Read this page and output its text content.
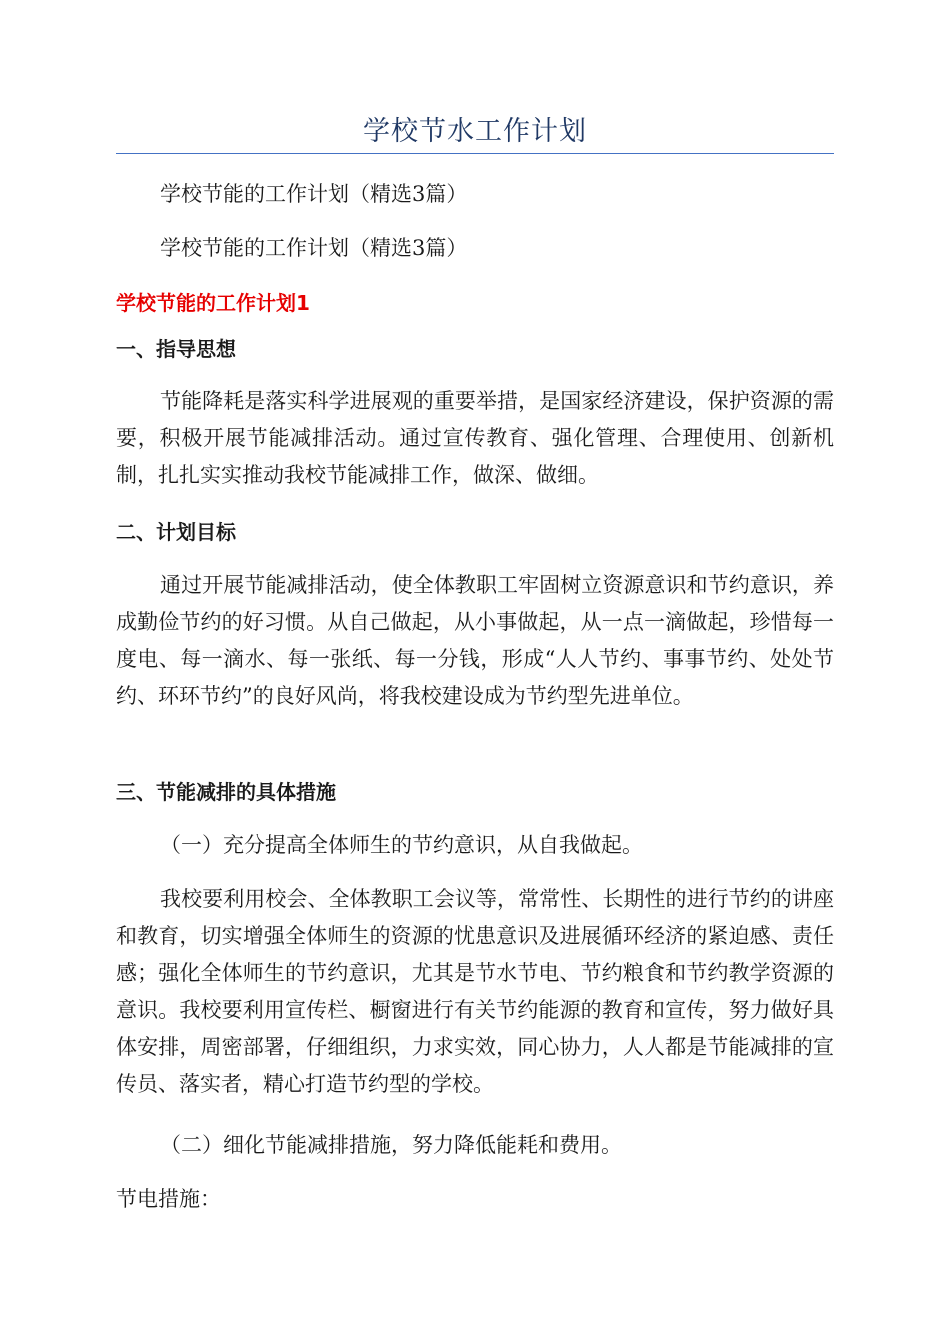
学校节水工作计划

学校节能的工作计划（精选3篇）

学校节能的工作计划（精选3篇）

学校节能的工作计划1

一、指导思想

节能降耗是落实科学进展观的重要举措，是国家经济建设，保护资源的需要，积极开展节能减排活动。通过宣传教育、强化管理、合理使用、创新机制，扎扎实实推动我校节能减排工作，做深、做细。

二、计划目标

通过开展节能减排活动，使全体教职工牢固树立资源意识和节约意识，养成勤俭节约的好习惯。从自己做起，从小事做起，从一点一滴做起，珍惜每一度电、每一滴水、每一张纸、每一分钱，形成“人人节约、事事节约、处处节约、环环节约”的良好风尚，将我校建设成为节约型先进单位。

三、节能减排的具体措施

（一）充分提高全体师生的节约意识，从自我做起。

我校要利用校会、全体教职工会议等，常常性、长期性的进行节约的讲座和教育，切实增强全体师生的资源的忧患意识及进展循环经济的紧迫感、责任感；强化全体师生的节约意识，尤其是节水节电、节约粮食和节约教学资源的意识。我校要利用宣传栏、橱窗进行有关节约能源的教育和宣传，努力做好具体安排，周密部署，仔细组织，力求实效，同心协力，人人都是节能减排的宣传员、落实者，精心打造节约型的学校。

（二）细化节能减排措施，努力降低能耗和费用。

节电措施：
